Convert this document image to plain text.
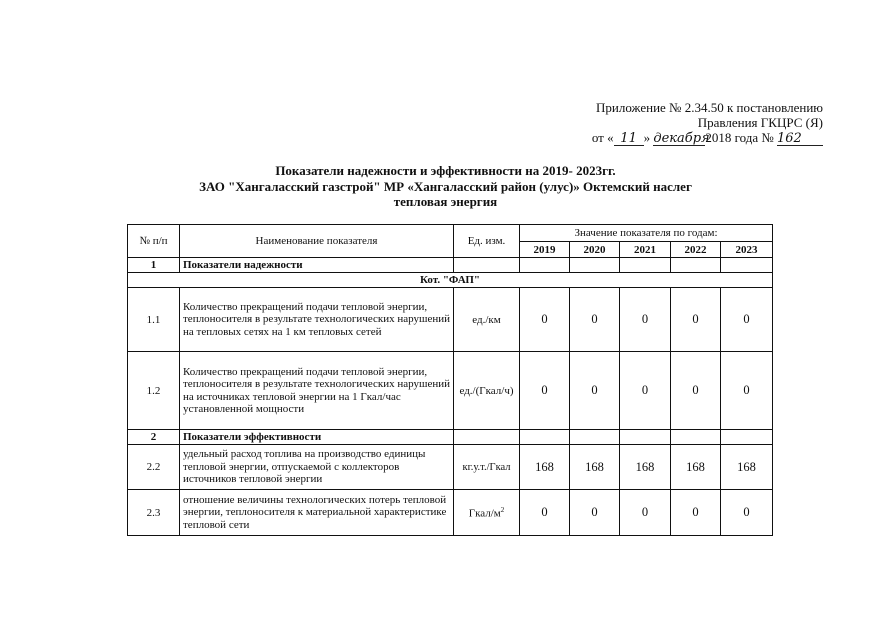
Приложение № 2.34.50 к постановлению
Правления ГКЦРС (Я)
от « 11 » декабря2018 года № 162
Показатели надежности и эффективности на 2019- 2023гг.
ЗАО "Хангаласский газстрой" МР «Хангаласский район (улус)» Октемский наслег
тепловая энергия
№ п/п	Наименование показателя	Ед. изм.	Значение показателя по годам:				
			2019	2020	2021	2022	2023
1	Показатели надежности						
Кот. "ФАП"							
1.1	Количество прекращений подачи тепловой энергии, теплоносителя в результате технологических нарушений на тепловых сетях на 1 км тепловых сетей	ед./км	0	0	0	0	0
1.2	Количество прекращений подачи тепловой энергии, теплоносителя в результате технологических нарушений на источниках тепловой энергии на 1 Гкал/час установленной мощности	ед./(Гкал/ч)	0	0	0	0	0
2	Показатели эффективности						
2.2	удельный расход топлива на производство единицы тепловой энергии, отпускаемой с коллекторов источников тепловой энергии	кг.у.т./Гкал	168	168	168	168	168
2.3	отношение величины технологических потерь тепловой энергии, теплоносителя к материальной характеристике тепловой сети	Гкал/$м^2$	0	0	0	0	0
